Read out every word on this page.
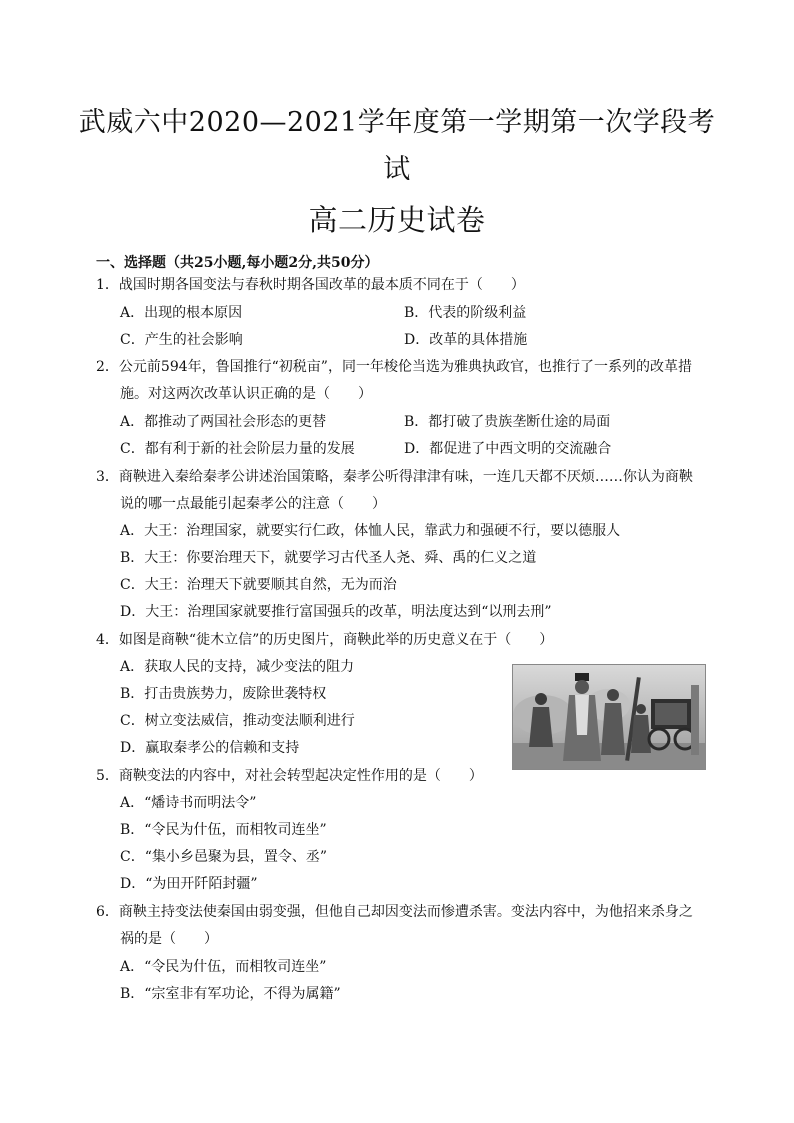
武威六中2020—2021学年度第一学期第一次学段考
试
高二历史试卷
一、选择题（共25小题,每小题2分,共50分）
1．战国时期各国变法与春秋时期各国改革的最本质不同在于（　　）
A．出现的根本原因	B．代表的阶级利益
C．产生的社会影响	D．改革的具体措施
2．公元前594年，鲁国推行“初税亩”，同一年梭伦当选为雅典执政官，也推行了一系列的改革措
施。对这两次改革认识正确的是（　　）
A．都推动了两国社会形态的更替	B．都打破了贵族垄断仕途的局面
C．都有利于新的社会阶层力量的发展	D．都促进了中西文明的交流融合
3．商鞅进入秦给秦孝公讲述治国策略，秦孝公听得津津有味，一连几天都不厌烦……你认为商鞅
说的哪一点最能引起秦孝公的注意（　　）
A．大王：治理国家，就要实行仁政，体恤人民，靠武力和强硬不行，要以德服人
B．大王：你要治理天下，就要学习古代圣人尧、舜、禹的仁义之道
C．大王：治理天下就要顺其自然，无为而治
D．大王：治理国家就要推行富国强兵的改革，明法度达到“以刑去刑”
4．如图是商鞅“徙木立信”的历史图片，商鞅此举的历史意义在于（　　）
A．获取人民的支持，减少变法的阻力
B．打击贵族势力，废除世袭特权
C．树立变法威信，推动变法顺利进行
D．赢取秦孝公的信赖和支持
5．商鞅变法的内容中，对社会转型起决定性作用的是（　　）
A．“燔诗书而明法令”
B．“令民为什伍，而相牧司连坐”
C．“集小乡邑聚为县，置令、丞”
D．“为田开阡陌封疆”
6．商鞅主持变法使秦国由弱变强，但他自己却因变法而惨遭杀害。变法内容中，为他招来杀身之
祸的是（　　）
A．“令民为什伍，而相牧司连坐”
B．“宗室非有军功论，不得为属籍”
